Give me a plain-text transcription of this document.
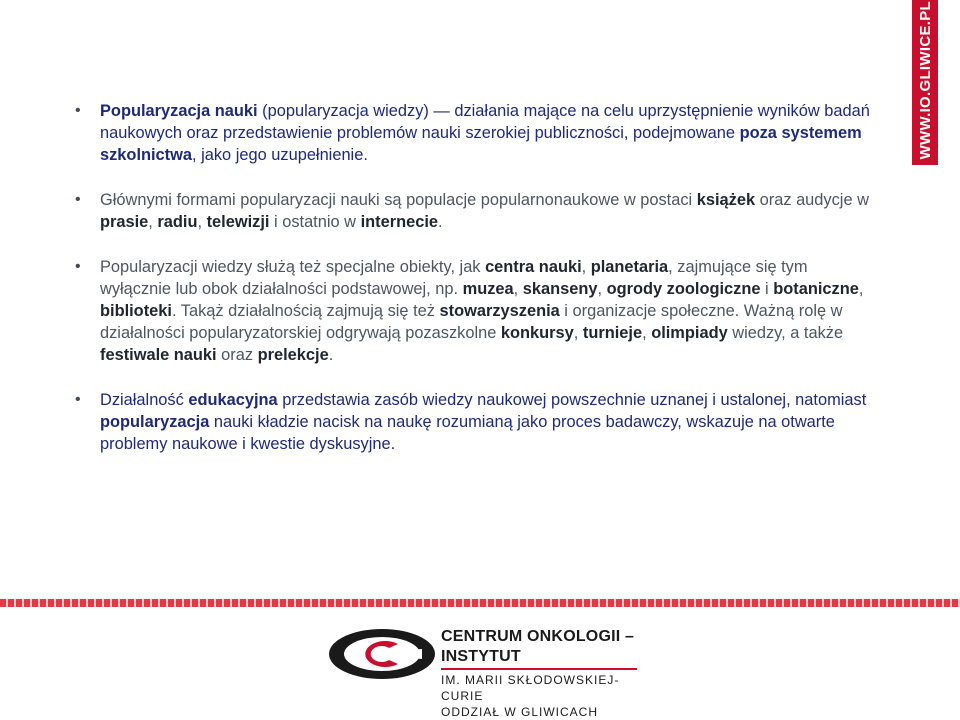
WWW.IO.GLIWICE.PL

• Popularyzacja nauki (popularyzacja wiedzy) — działania mające na celu uprzystępnienie wyników badań naukowych oraz przedstawienie problemów nauki szerokiej publiczności, podejmowane poza systemem szkolnictwa, jako jego uzupełnienie.

• Głównymi formami popularyzacji nauki są populacje popularnonaukowe w postaci książek oraz audycje w prasie, radiu, telewizji i ostatnio w internecie.

• Popularyzacji wiedzy służą też specjalne obiekty, jak centra nauki, planetaria, zajmujące się tym wyłącznie lub obok działalności podstawowej, np. muzea, skanseny, ogrody zoologiczne i botaniczne, biblioteki. Takąż działalnością zajmują się też stowarzyszenia i organizacje społeczne. Ważną rolę w działalności popularyzatorskiej odgrywają pozaszkolne konkursy, turnieje, olimpiady wiedzy, a także festiwale nauki oraz prelekcje.

• Działalność edukacyjna przedstawia zasób wiedzy naukowej powszechnie uznanej i ustalonej, natomiast popularyzacja nauki kładzie nacisk na naukę rozumianą jako proces badawczy, wskazuje na otwarte problemy naukowe i kwestie dyskusyjne.

CENTRUM ONKOLOGII – INSTYTUT
IM. MARII SKŁODOWSKIEJ-CURIE
ODDZIAŁ W GLIWICACH
